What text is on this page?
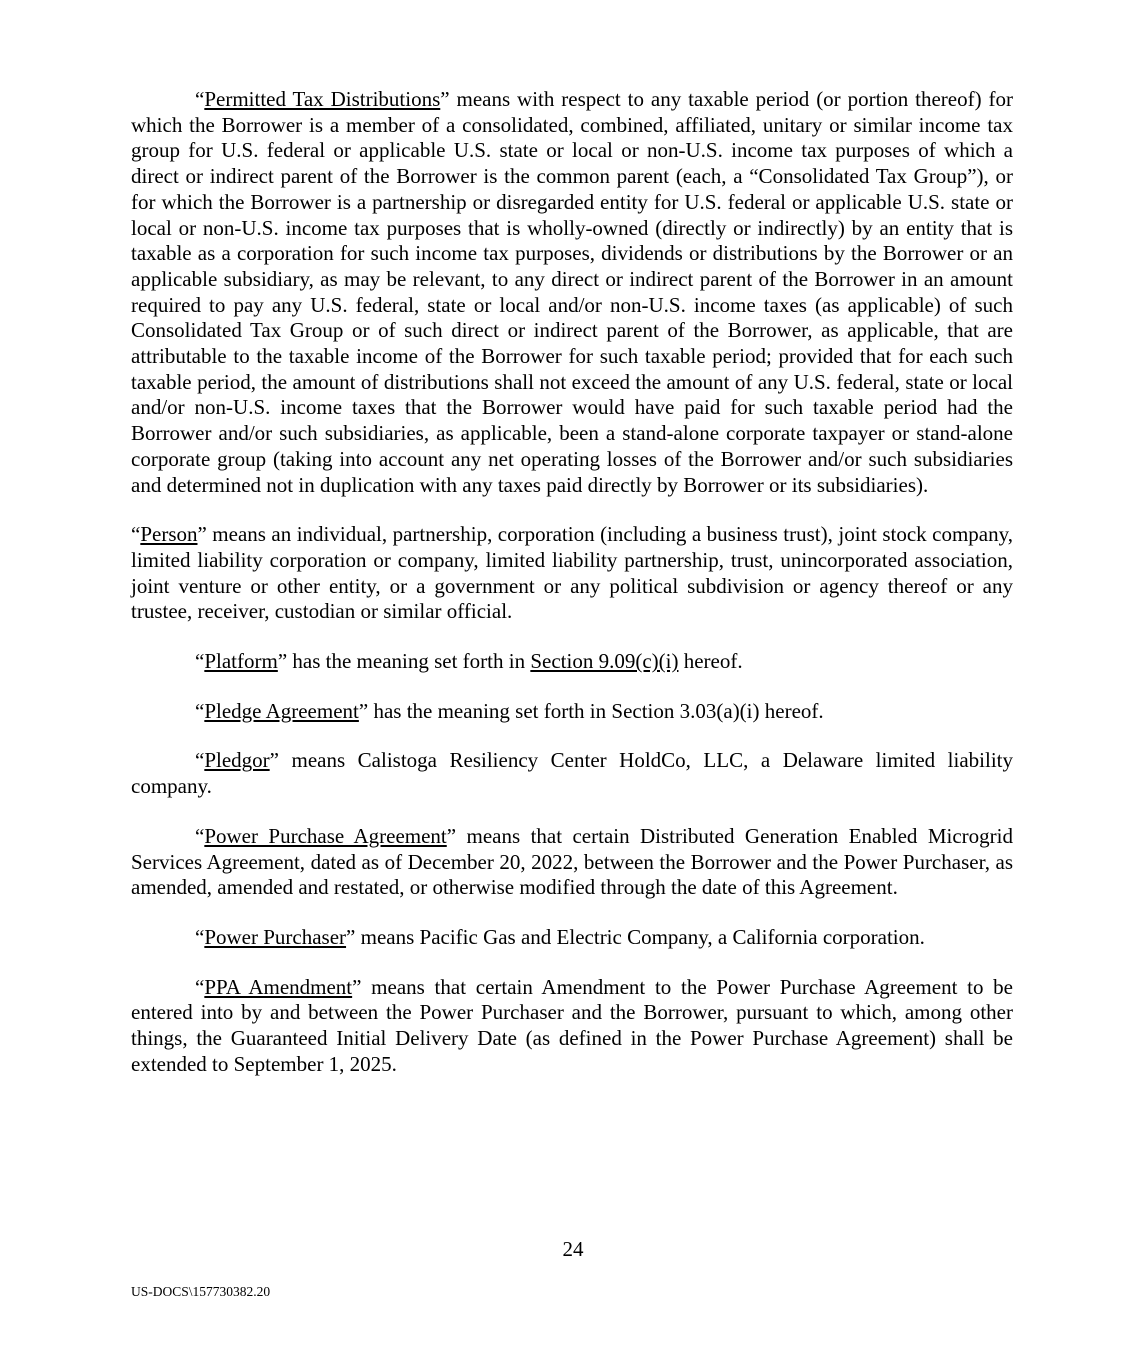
“Permitted Tax Distributions” means with respect to any taxable period (or portion thereof) for which the Borrower is a member of a consolidated, combined, affiliated, unitary or similar income tax group for U.S. federal or applicable U.S. state or local or non-U.S. income tax purposes of which a direct or indirect parent of the Borrower is the common parent (each, a “Consolidated Tax Group”), or for which the Borrower is a partnership or disregarded entity for U.S. federal or applicable U.S. state or local or non-U.S. income tax purposes that is wholly-owned (directly or indirectly) by an entity that is taxable as a corporation for such income tax purposes, dividends or distributions by the Borrower or an applicable subsidiary, as may be relevant, to any direct or indirect parent of the Borrower in an amount required to pay any U.S. federal, state or local and/or non-U.S. income taxes (as applicable) of such Consolidated Tax Group or of such direct or indirect parent of the Borrower, as applicable, that are attributable to the taxable income of the Borrower for such taxable period; provided that for each such taxable period, the amount of distributions shall not exceed the amount of any U.S. federal, state or local and/or non-U.S. income taxes that the Borrower would have paid for such taxable period had the Borrower and/or such subsidiaries, as applicable, been a stand-alone corporate taxpayer or stand-alone corporate group (taking into account any net operating losses of the Borrower and/or such subsidiaries and determined not in duplication with any taxes paid directly by Borrower or its subsidiaries).

“Person” means an individual, partnership, corporation (including a business trust), joint stock company, limited liability corporation or company, limited liability partnership, trust, unincorporated association, joint venture or other entity, or a government or any political subdivision or agency thereof or any trustee, receiver, custodian or similar official.

“Platform” has the meaning set forth in Section 9.09(c)(i) hereof.

“Pledge Agreement” has the meaning set forth in Section 3.03(a)(i) hereof.

“Pledgor” means Calistoga Resiliency Center HoldCo, LLC, a Delaware limited liability company.

“Power Purchase Agreement” means that certain Distributed Generation Enabled Microgrid Services Agreement, dated as of December 20, 2022, between the Borrower and the Power Purchaser, as amended, amended and restated, or otherwise modified through the date of this Agreement.

“Power Purchaser” means Pacific Gas and Electric Company, a California corporation.

“PPA Amendment” means that certain Amendment to the Power Purchase Agreement to be entered into by and between the Power Purchaser and the Borrower, pursuant to which, among other things, the Guaranteed Initial Delivery Date (as defined in the Power Purchase Agreement) shall be extended to September 1, 2025.

24
US-DOCS\157730382.20
